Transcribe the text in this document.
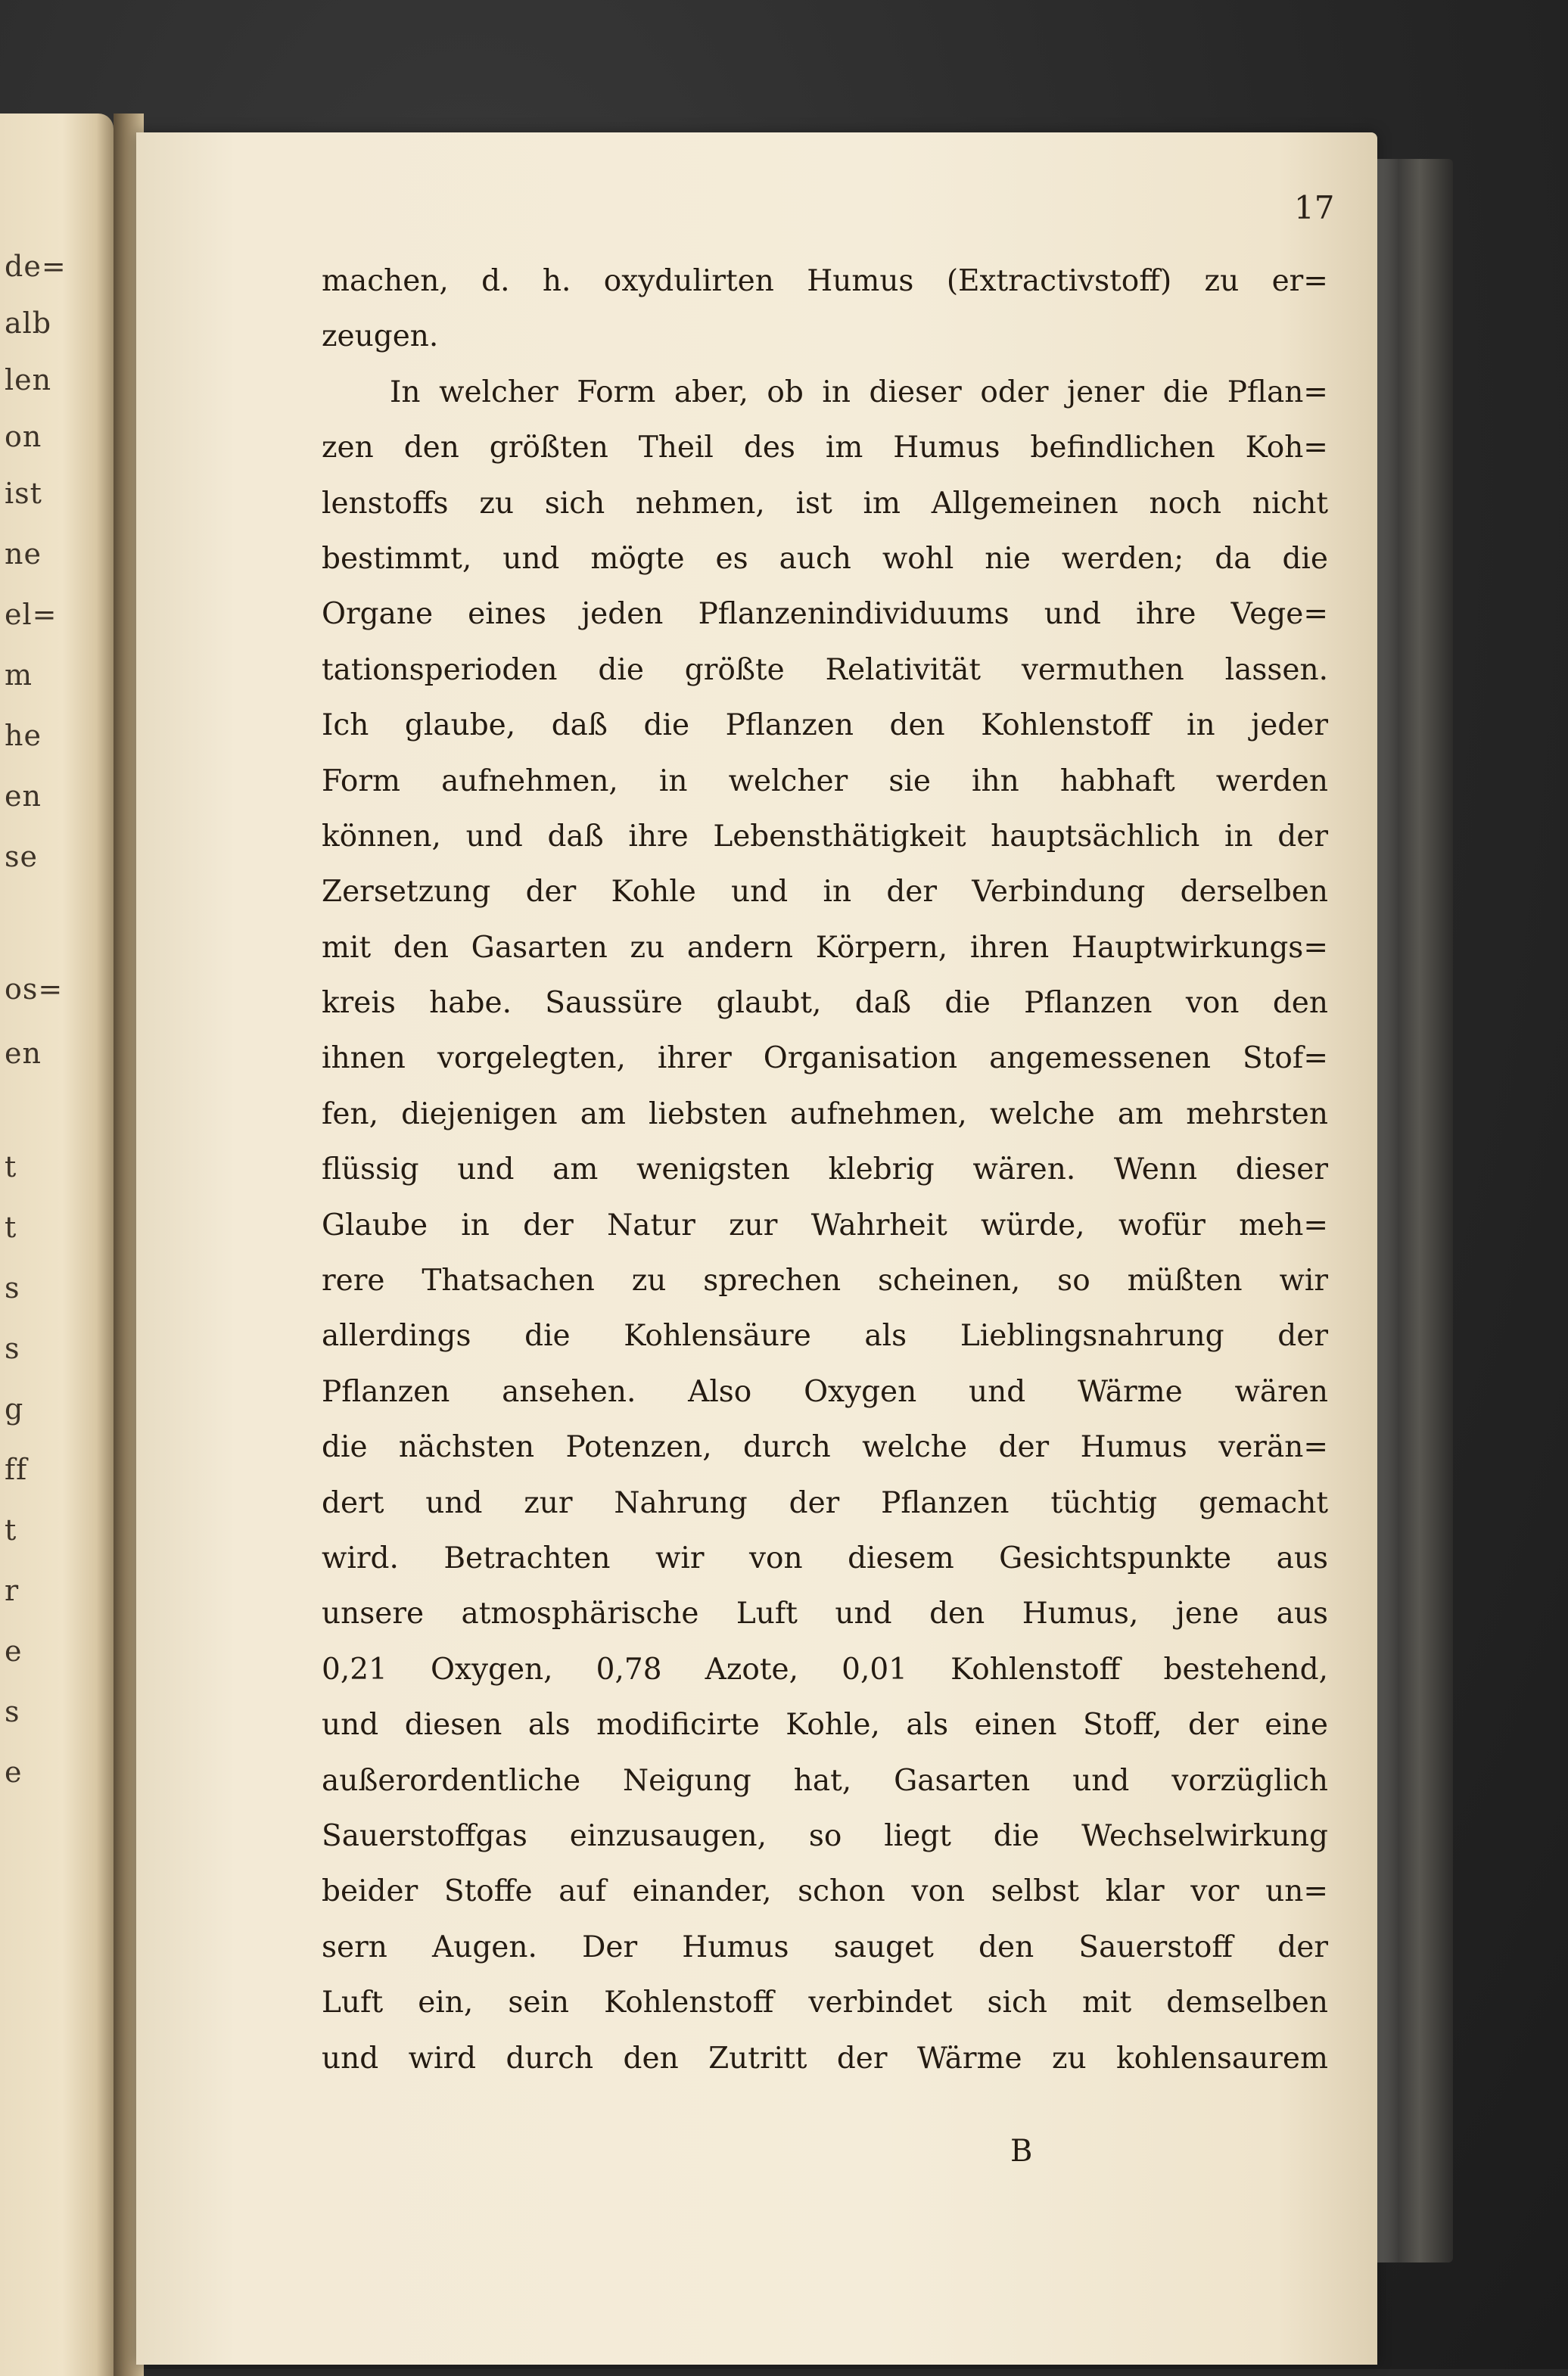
de=
alb
len
on
ist
ne
el=
m
he
en
se
os=
en
t
t
s
s
g
ff
t
r
e
s
e
17
machen, d. h. oxydulirten Humus (Extractivstoff) zu er=
zeugen.
In welcher Form aber, ob in dieser oder jener die Pflan=
zen den größten Theil des im Humus befindlichen Koh=
lenstoffs zu sich nehmen, ist im Allgemeinen noch nicht
bestimmt, und mögte es auch wohl nie werden; da die
Organe eines jeden Pflanzenindividuums und ihre Vege=
tationsperioden die größte Relativität vermuthen lassen.
Ich glaube, daß die Pflanzen den Kohlenstoff in jeder
Form aufnehmen, in welcher sie ihn habhaft werden
können, und daß ihre Lebensthätigkeit hauptsächlich in der
Zersetzung der Kohle und in der Verbindung derselben
mit den Gasarten zu andern Körpern, ihren Hauptwirkungs=
kreis habe. Saussüre glaubt, daß die Pflanzen von den
ihnen vorgelegten, ihrer Organisation angemessenen Stof=
fen, diejenigen am liebsten aufnehmen, welche am mehrsten
flüssig und am wenigsten klebrig wären. Wenn dieser
Glaube in der Natur zur Wahrheit würde, wofür meh=
rere Thatsachen zu sprechen scheinen, so müßten wir
allerdings die Kohlensäure als Lieblingsnahrung der
Pflanzen ansehen. Also Oxygen und Wärme wären
die nächsten Potenzen, durch welche der Humus verän=
dert und zur Nahrung der Pflanzen tüchtig gemacht
wird. Betrachten wir von diesem Gesichtspunkte aus
unsere atmosphärische Luft und den Humus, jene aus
0,21 Oxygen, 0,78 Azote, 0,01 Kohlenstoff bestehend,
und diesen als modificirte Kohle, als einen Stoff, der eine
außerordentliche Neigung hat, Gasarten und vorzüglich
Sauerstoffgas einzusaugen, so liegt die Wechselwirkung
beider Stoffe auf einander, schon von selbst klar vor un=
sern Augen. Der Humus sauget den Sauerstoff der
Luft ein, sein Kohlenstoff verbindet sich mit demselben
und wird durch den Zutritt der Wärme zu kohlensaurem
B
